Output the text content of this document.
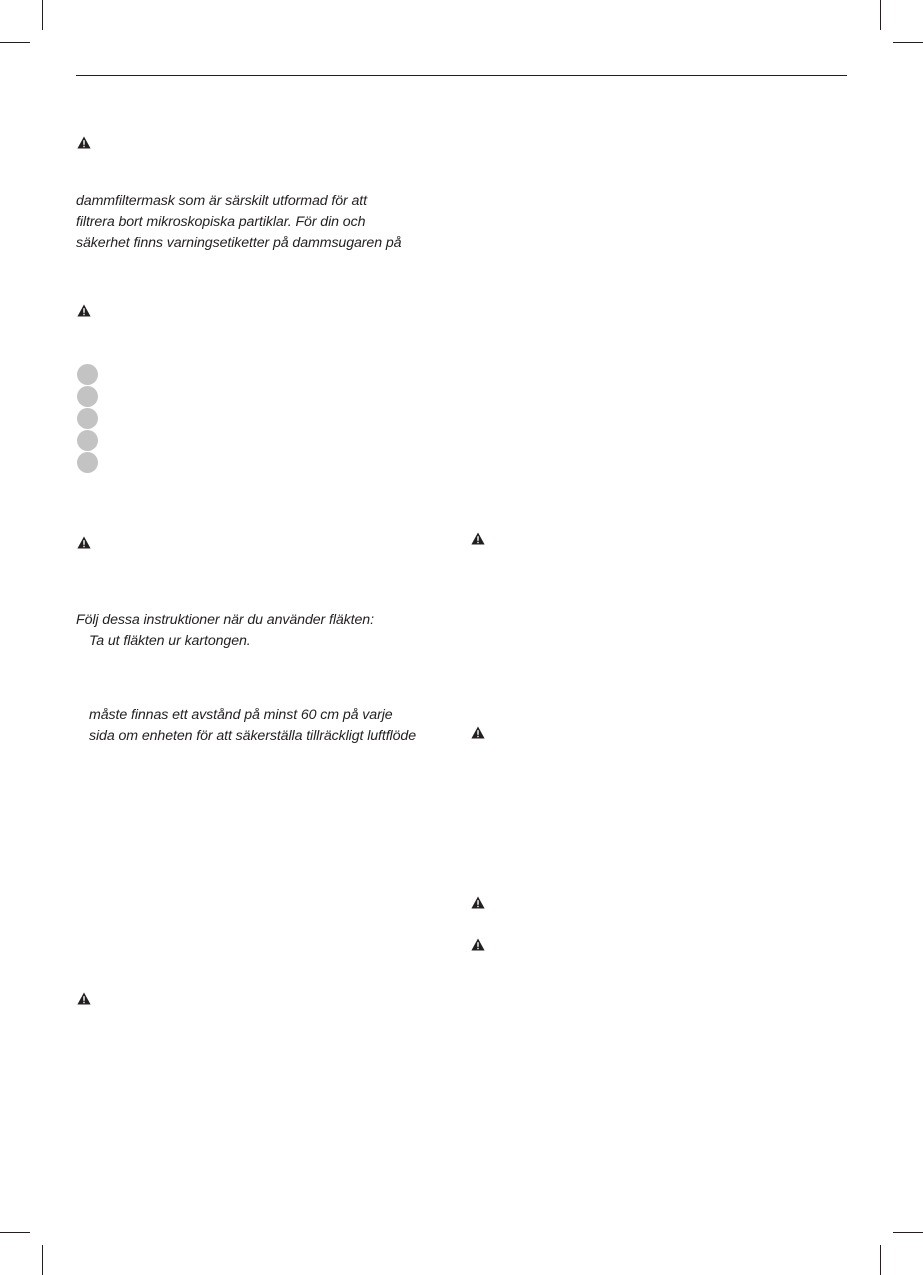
dammfiltermask som är särskilt utformad för att
filtrera bort mikroskopiska partiklar. För din och
säkerhet finns varningsetiketter på dammsugaren på
Följ dessa instruktioner när du använder fläkten:
Ta ut fläkten ur kartongen.
måste finnas ett avstånd på minst 60 cm på varje
sida om enheten för att säkerställa tillräckligt luftflöde
